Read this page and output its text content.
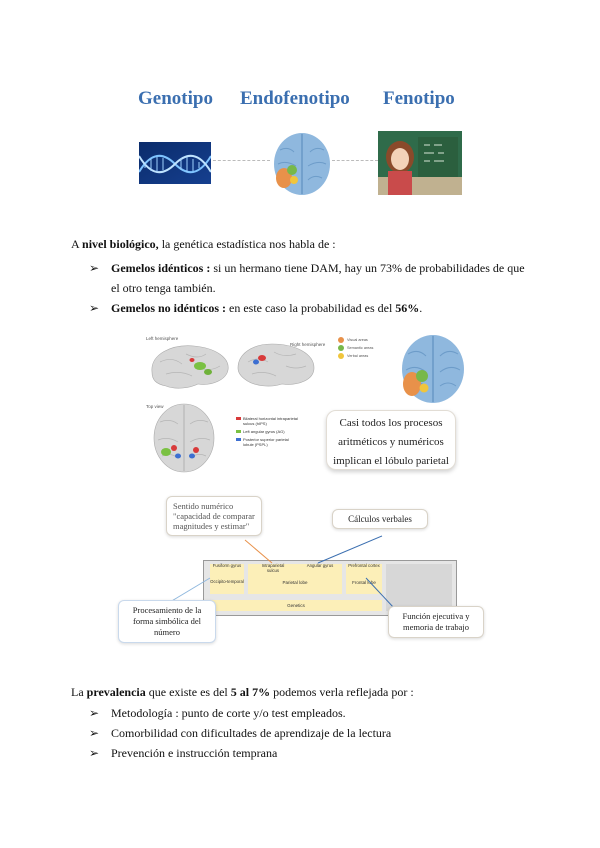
Genotipo Endofenotipo Fenotipo
A nivel biológico, la genética estadística nos habla de :
➢ Gemelos idénticos : si un hermano tiene DAM, hay un 73% de probabilidades de que
el otro tenga también.
➢ Gemelos no idénticos : en este caso la probabilidad es del 56%.
Left hemisphere
Right hemisphere
Top view
Bilateral horizontal intraparietal sulcus (hIPS)
Left angular gyrus (AG)
Posterior superior parietal lobule (PSPL)
Visual areas
Semantic areas
Verbal areas
Casi todos los procesos aritméticos y numéricos implican el lóbulo parietal
Fusiform gyrus	Intraparietal sulcus
Angular gyrus	Prefrontal cortex
Occipito-temporal	Parietal lobe	Frontal lobe
Genetics
Sentido numérico "capacidad de comparar magnitudes y estimar"
Cálculos verbales
Procesamiento de la forma simbólica del número
Función ejecutiva y memoria de trabajo
La prevalencia que existe es del 5 al 7% podemos verla reflejada por :
➢ Metodología : punto de corte y/o test empleados.
➢ Comorbilidad con dificultades de aprendizaje de la lectura
➢ Prevención e instrucción temprana
